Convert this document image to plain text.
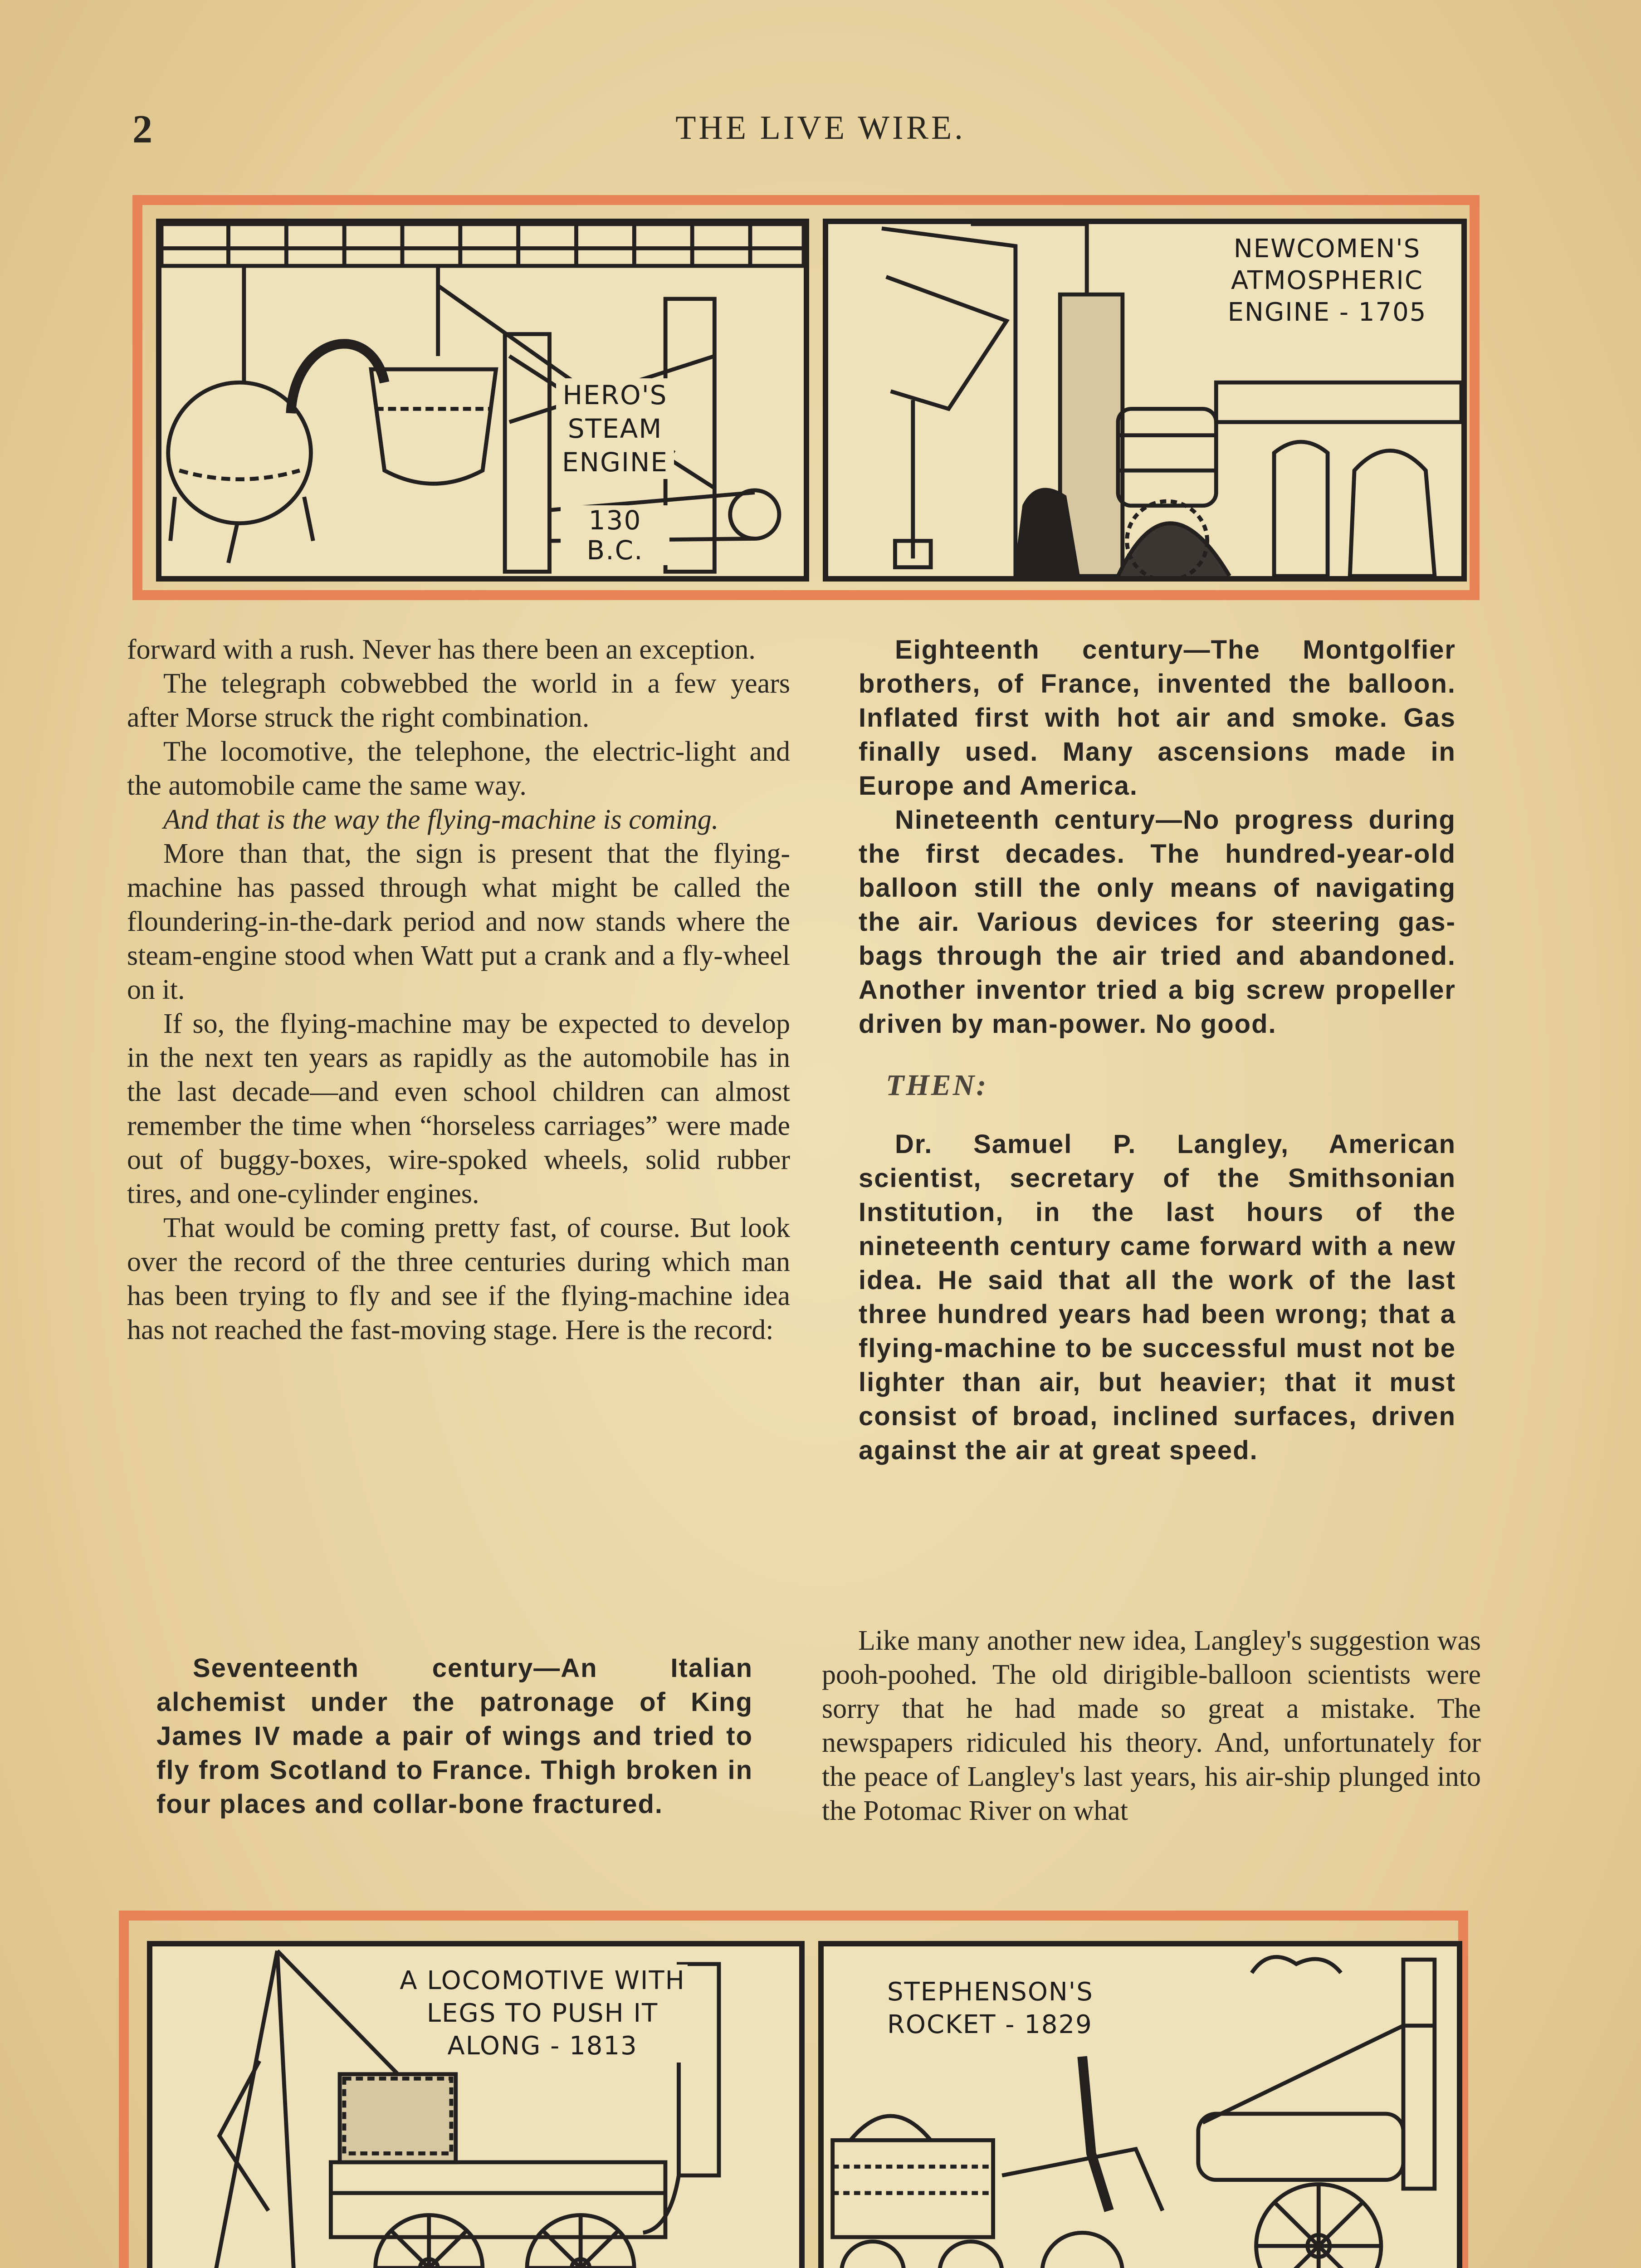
2	THE LIVE WIRE.
HERO'S
STEAM
ENGINE
130
B.C.
NEWCOMEN'S
ATMOSPHERIC
ENGINE - 1705

forward with a rush. Never has there been an exception.

The telegraph cobwebbed the world in a few years after Morse struck the right combination.

The locomotive, the telephone, the electric-light and the automobile came the same way.

And that is the way the flying-machine is coming.

More than that, the sign is present that the flying-machine has passed through what might be called the floundering-in-the-dark period and now stands where the steam-engine stood when Watt put a crank and a fly-wheel on it.

If so, the flying-machine may be expected to develop in the next ten years as rapidly as the automobile has in the last decade—and even school children can almost remember the time when “horseless carriages” were made out of buggy-boxes, wire-spoked wheels, solid rubber tires, and one-cylinder engines.

That would be coming pretty fast, of course. But look over the record of the three centuries during which man has been trying to fly and see if the flying-machine idea has not reached the fast-moving stage. Here is the record:

Seventeenth century—An Italian alchemist under the patronage of King James IV made a pair of wings and tried to fly from Scotland to France. Thigh broken in four places and collar-bone fractured.

Eighteenth century—The Montgolfier brothers, of France, invented the balloon. Inflated first with hot air and smoke. Gas finally used. Many ascensions made in Europe and America.

Nineteenth century—No progress during the first decades. The hundred-year-old balloon still the only means of navigating the air. Various devices for steering gas-bags through the air tried and abandoned. Another inventor tried a big screw propeller driven by man-power. No good.

THEN:

Dr. Samuel P. Langley, American scientist, secretary of the Smithsonian Institution, in the last hours of the nineteenth century came forward with a new idea. He said that all the work of the last three hundred years had been wrong; that a flying-machine to be successful must not be lighter than air, but heavier; that it must consist of broad, inclined surfaces, driven against the air at great speed.

Like many another new idea, Langley's suggestion was pooh-poohed. The old dirigible-balloon scientists were sorry that he had made so great a mistake. The newspapers ridiculed his theory. And, unfortunately for the peace of Langley's last years, his air-ship plunged into the Potomac River on what

A LOCOMOTIVE WITH
LEGS TO PUSH IT
ALONG - 1813
STEPHENSON'S
ROCKET - 1829
